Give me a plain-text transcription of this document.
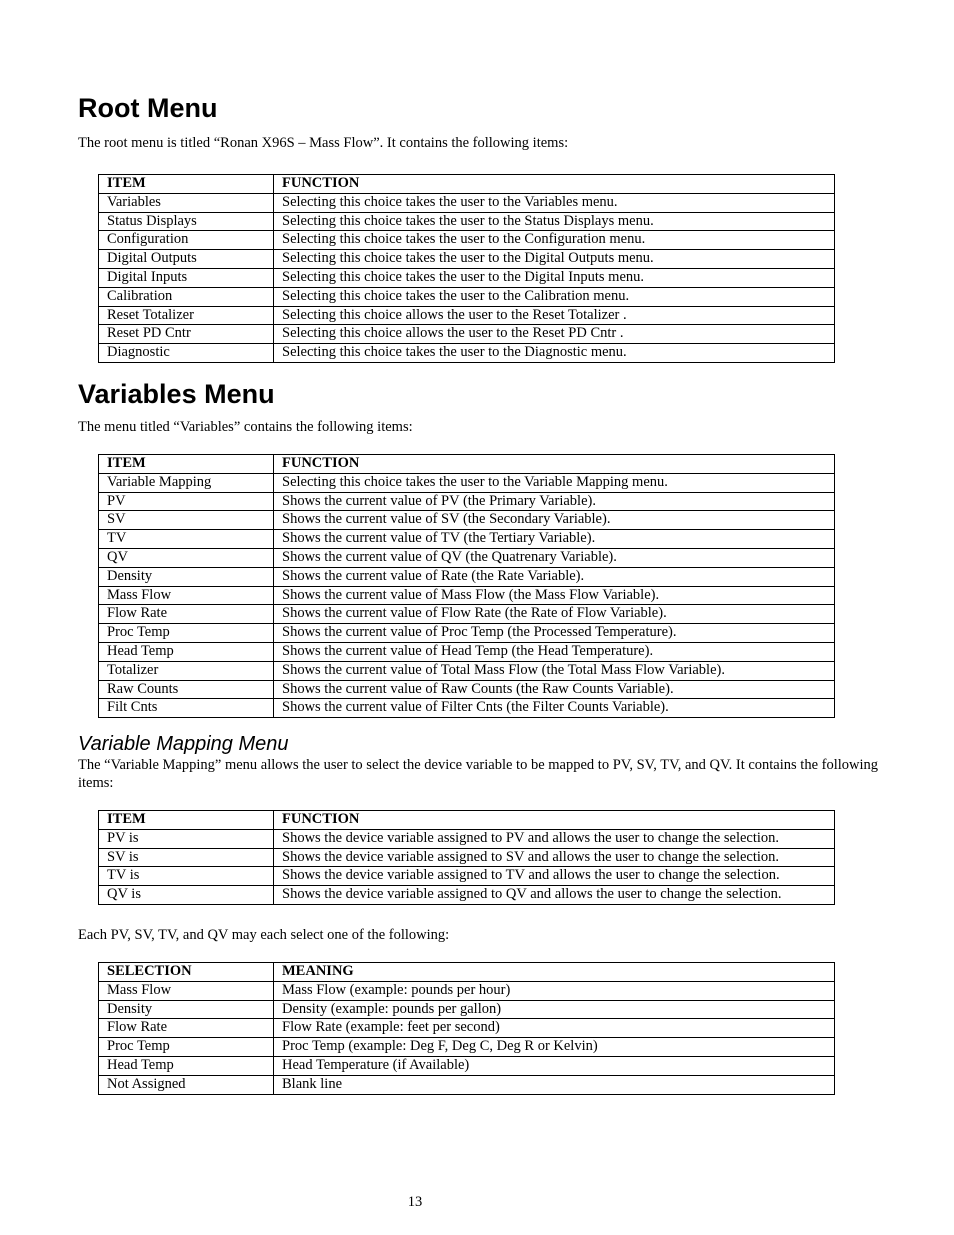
Root Menu

The root menu is titled “Ronan X96S – Mass Flow”. It contains the following items:

ITEM	FUNCTION
Variables	Selecting this choice takes the user to the Variables menu.
Status Displays	Selecting this choice takes the user to the Status Displays menu.
Configuration	Selecting this choice takes the user to the Configuration menu.
Digital Outputs	Selecting this choice takes the user to the Digital Outputs menu.
Digital Inputs	Selecting this choice takes the user to the Digital Inputs menu.
Calibration	Selecting this choice takes the user to the Calibration menu.
Reset Totalizer	Selecting this choice allows the user to the Reset Totalizer .
Reset PD Cntr	Selecting this choice allows the user to the Reset PD Cntr .
Diagnostic	Selecting this choice takes the user to the Diagnostic menu.
Variables Menu

The menu titled “Variables” contains the following items:

ITEM	FUNCTION
Variable Mapping	Selecting this choice takes the user to the Variable Mapping menu.
PV	Shows the current value of PV (the Primary Variable).
SV	Shows the current value of SV (the Secondary Variable).
TV	Shows the current value of TV (the Tertiary Variable).
QV	Shows the current value of QV (the Quatrenary Variable).
Density	Shows the current value of Rate (the Rate Variable).
Mass Flow	Shows the current value of Mass Flow (the Mass Flow Variable).
Flow Rate	Shows the current value of Flow Rate (the Rate of Flow Variable).
Proc Temp	Shows the current value of Proc Temp (the Processed Temperature).
Head Temp	Shows the current value of Head Temp (the Head Temperature).
Totalizer	Shows the current value of Total Mass Flow (the Total Mass Flow Variable).
Raw Counts	Shows the current value of Raw Counts (the Raw Counts Variable).
Filt Cnts	Shows the current value of Filter Cnts (the Filter Counts Variable).
Variable Mapping Menu

The “Variable Mapping” menu allows the user to select the device variable to be mapped to PV, SV, TV, and QV. It contains the following items:

ITEM	FUNCTION
PV is	Shows the device variable assigned to PV and allows the user to change the selection.
SV is	Shows the device variable assigned to SV and allows the user to change the selection.
TV is	Shows the device variable assigned to TV and allows the user to change the selection.
QV is	Shows the device variable assigned to QV and allows the user to change the selection.

Each PV, SV, TV, and QV may each select one of the following:

SELECTION	MEANING
Mass Flow	Mass Flow (example: pounds per hour)
Density	Density (example: pounds per gallon)
Flow Rate	Flow Rate (example: feet per second)
Proc Temp	Proc Temp (example: Deg F, Deg C, Deg R or Kelvin)
Head Temp	Head Temperature (if Available)
Not Assigned	Blank line
13
